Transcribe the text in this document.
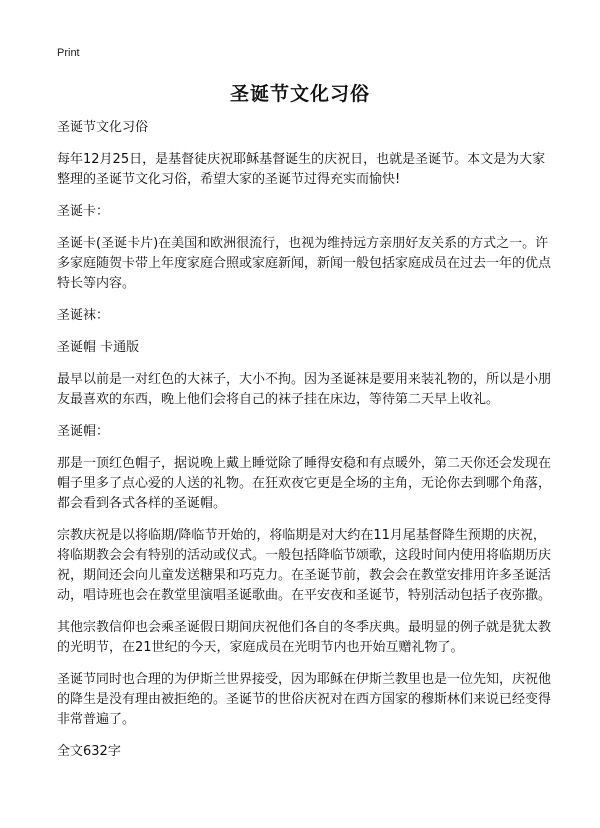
Print
圣诞节文化习俗

圣诞节文化习俗

每年12月25日，是基督徒庆祝耶稣基督诞生的庆祝日，也就是圣诞节。本文是为大家整理的圣诞节文化习俗，希望大家的圣诞节过得充实而愉快!

圣诞卡：

圣诞卡(圣诞卡片)在美国和欧洲很流行，也视为维持远方亲朋好友关系的方式之一。许多家庭随贺卡带上年度家庭合照或家庭新闻，新闻一般包括家庭成员在过去一年的优点特长等内容。

圣诞袜：

圣诞帽 卡通版

最早以前是一对红色的大袜子，大小不拘。因为圣诞袜是要用来装礼物的，所以是小朋友最喜欢的东西，晚上他们会将自己的袜子挂在床边，等待第二天早上收礼。

圣诞帽：

那是一顶红色帽子，据说晚上戴上睡觉除了睡得安稳和有点暖外，第二天你还会发现在帽子里多了点心爱的人送的礼物。在狂欢夜它更是全场的主角，无论你去到哪个角落，都会看到各式各样的圣诞帽。

宗教庆祝是以将临期/降临节开始的，将临期是对大约在11月尾基督降生预期的庆祝，将临期教会会有特别的活动或仪式。一般包括降临节颂歌，这段时间内使用将临期历庆祝，期间还会向儿童发送糖果和巧克力。在圣诞节前，教会会在教堂安排用许多圣诞活动，唱诗班也会在教堂里演唱圣诞歌曲。在平安夜和圣诞节，特别活动包括子夜弥撒。

其他宗教信仰也会乘圣诞假日期间庆祝他们各自的冬季庆典。最明显的例子就是犹太教的光明节，在21世纪的今天，家庭成员在光明节内也开始互赠礼物了。

圣诞节同时也合理的为伊斯兰世界接受，因为耶稣在伊斯兰教里也是一位先知，庆祝他的降生是没有理由被拒绝的。圣诞节的世俗庆祝对在西方国家的穆斯林们来说已经变得非常普遍了。

全文632字
